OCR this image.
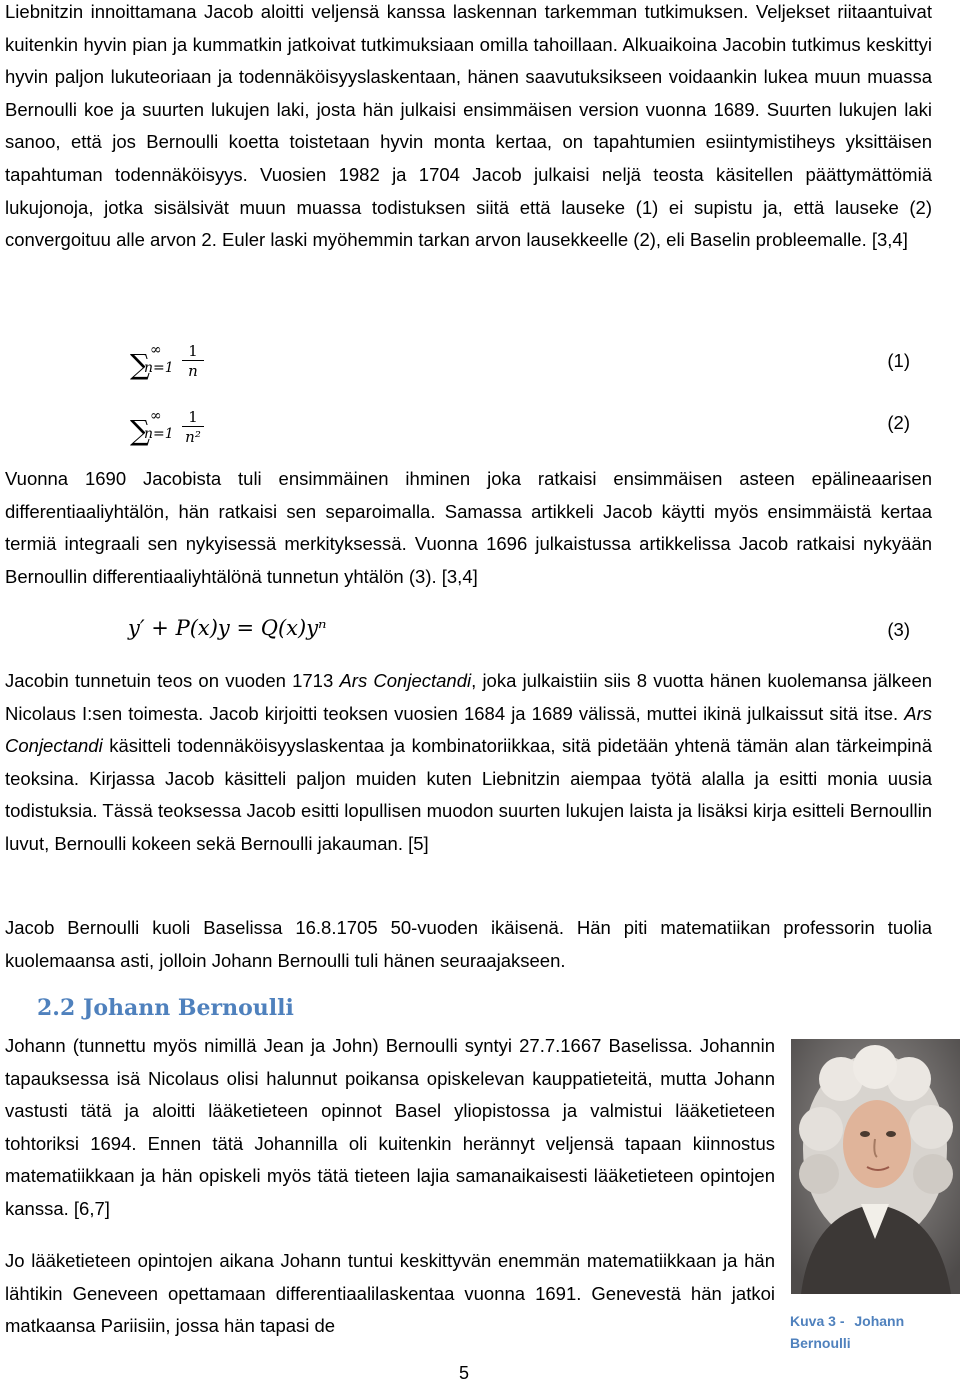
Liebnitzin innoittamana Jacob aloitti veljensä kanssa laskennan tarkemman tutkimuksen. Veljekset riitaantuivat kuitenkin hyvin pian ja kummatkin jatkoivat tutkimuksiaan omilla tahoillaan. Alkuaikoina Jacobin tutkimus keskittyi hyvin paljon lukuteoriaan ja todennäköisyyslaskentaan, hänen saavutuksikseen voidaankin lukea muun muassa Bernoulli koe ja suurten lukujen laki, josta hän julkaisi ensimmäisen version vuonna 1689. Suurten lukujen laki sanoo, että jos Bernoulli koetta toistetaan hyvin monta kertaa, on tapahtumien esiintymistiheys yksittäisen tapahtuman todennäköisyys. Vuosien 1982 ja 1704 Jacob julkaisi neljä teosta käsitellen päättymättömiä lukujonoja, jotka sisälsivät muun muassa todistuksen siitä että lauseke (1) ei supistu ja, että lauseke (2) convergoituu alle arvon 2. Euler laski myöhemmin tarkan arvon lausekkeelle (2), eli Baselin probleemalle. [3,4]

∑ ∞
$n=1 \frac{1}{n}$	(1)
∑ ∞
$n=1 \frac{1}{\text{n²}}$	(2)

Vuonna 1690 Jacobista tuli ensimmäinen ihminen joka ratkaisi ensimmäisen asteen epälineaarisen differentiaaliyhtälön, hän ratkaisi sen separoimalla. Samassa artikkeli Jacob käytti myös ensimmäistä kertaa termiä integraali sen nykyisessä merkityksessä. Vuonna 1696 julkaistussa artikkelissa Jacob ratkaisi nykyään Bernoullin differentiaaliyhtälönä tunnetun yhtälön (3). [3,4]

y′ + P(x)y = Q(x)yⁿ	(3)

Jacobin tunnetuin teos on vuoden 1713 Ars Conjectandi, joka julkaistiin siis 8 vuotta hänen kuolemansa jälkeen Nicolaus I:sen toimesta. Jacob kirjoitti teoksen vuosien 1684 ja 1689 välissä, muttei ikinä julkaissut sitä itse. Ars Conjectandi käsitteli todennäköisyyslaskentaa ja kombinatoriikkaa, sitä pidetään yhtenä tämän alan tärkeimpinä teoksina. Kirjassa Jacob käsitteli paljon muiden kuten Liebnitzin aiempaa työtä alalla ja esitti monia uusia todistuksia. Tässä teoksessa Jacob esitti lopullisen muodon suurten lukujen laista ja lisäksi kirja esitteli Bernoullin luvut, Bernoulli kokeen sekä Bernoulli jakauman. [5]

Jacob Bernoulli kuoli Baselissa 16.8.1705 50-vuoden ikäisenä. Hän piti matematiikan professorin tuolia kuolemaansa asti, jolloin Johann Bernoulli tuli hänen seuraajakseen.

2.2 Johann Bernoulli

Johann (tunnettu myös nimillä Jean ja John) Bernoulli syntyi 27.7.1667 Baselissa. Johannin tapauksessa isä Nicolaus olisi halunnut poikansa opiskelevan kauppatieteitä, mutta Johann vastusti tätä ja aloitti lääketieteen opinnot Basel yliopistossa ja valmistui lääketieteen tohtoriksi 1694. Ennen tätä Johannilla oli kuitenkin herännyt veljensä tapaan kiinnostus matematiikkaan ja hän opiskeli myös tätä tieteen lajia samanaikaisesti lääketieteen opintojen kanssa. [6,7]

Jo lääketieteen opintojen aikana Johann tuntui keskittyvän enemmän matematiikkaan ja hän lähtikin Geneveen opettamaan differentiaalilaskentaa vuonna 1691. Genevestä hän jatkoi matkaansa Pariisiin, jossa hän tapasi de	Kuva 3 - Johann Bernoulli
5
